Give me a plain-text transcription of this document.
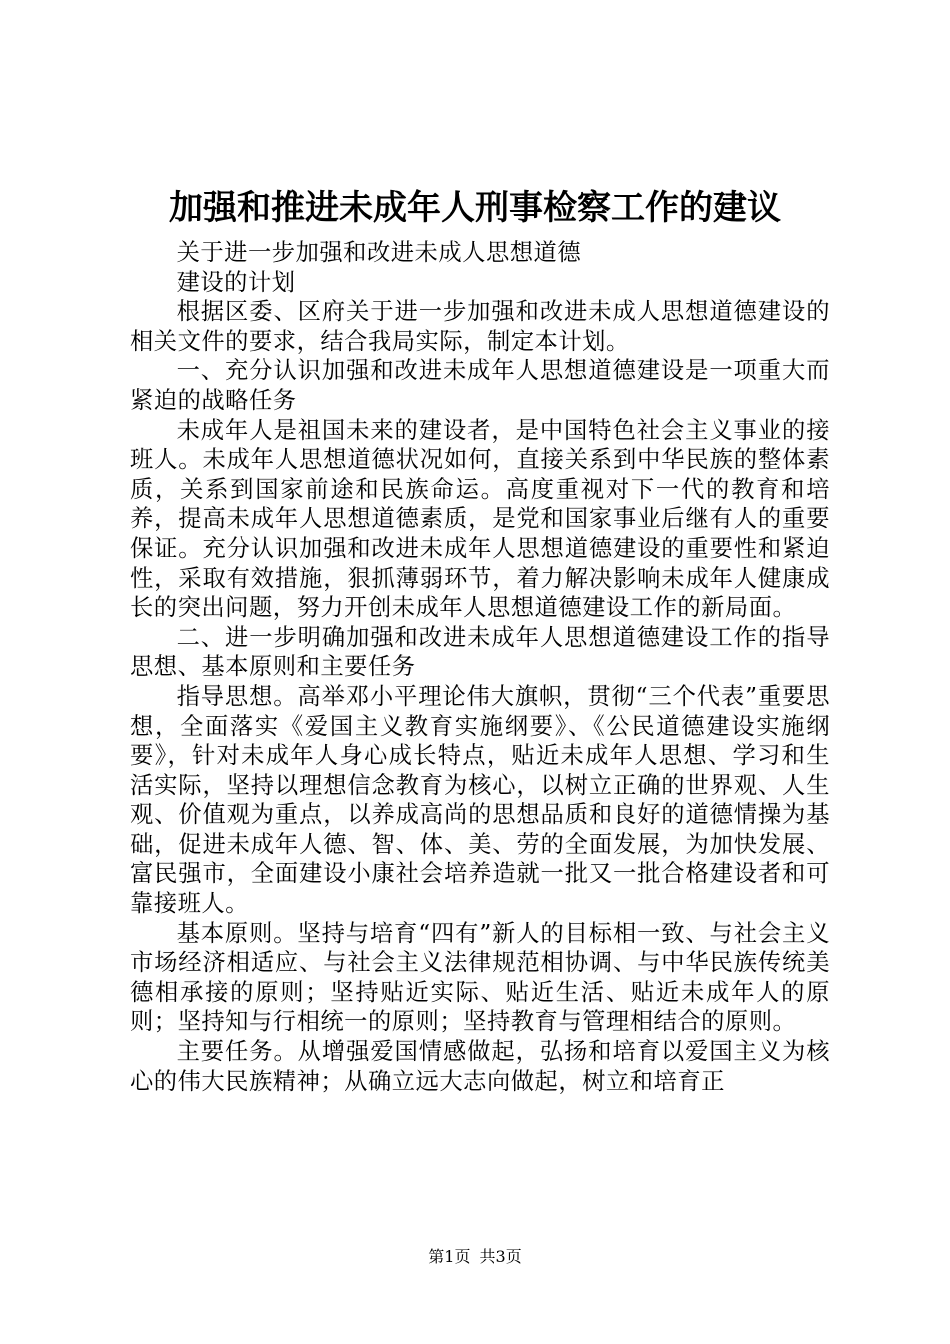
加强和推进未成年人刑事检察工作的建议

关于进一步加强和改进未成人思想道德

建设的计划

根据区委、区府关于进一步加强和改进未成人思想道德建设的相关文件的要求，结合我局实际，制定本计划。

一、充分认识加强和改进未成年人思想道德建设是一项重大而紧迫的战略任务

未成年人是祖国未来的建设者，是中国特色社会主义事业的接班人。未成年人思想道德状况如何，直接关系到中华民族的整体素质，关系到国家前途和民族命运。高度重视对下一代的教育和培养，提高未成年人思想道德素质，是党和国家事业后继有人的重要保证。充分认识加强和改进未成年人思想道德建设的重要性和紧迫性，采取有效措施，狠抓薄弱环节，着力解决影响未成年人健康成长的突出问题，努力开创未成年人思想道德建设工作的新局面。

二、进一步明确加强和改进未成年人思想道德建设工作的指导思想、基本原则和主要任务

指导思想。高举邓小平理论伟大旗帜，贯彻“三个代表”重要思想，全面落实《爱国主义教育实施纲要》、《公民道德建设实施纲要》，针对未成年人身心成长特点，贴近未成年人思想、学习和生活实际，坚持以理想信念教育为核心，以树立正确的世界观、人生观、价值观为重点，以养成高尚的思想品质和良好的道德情操为基础，促进未成年人德、智、体、美、劳的全面发展，为加快发展、富民强市，全面建设小康社会培养造就一批又一批合格建设者和可靠接班人。

基本原则。坚持与培育“四有”新人的目标相一致、与社会主义市场经济相适应、与社会主义法律规范相协调、与中华民族传统美德相承接的原则；坚持贴近实际、贴近生活、贴近未成年人的原则；坚持知与行相统一的原则；坚持教育与管理相结合的原则。

主要任务。从增强爱国情感做起，弘扬和培育以爱国主义为核心的伟大民族精神；从确立远大志向做起，树立和培育正

第1页 共3页
